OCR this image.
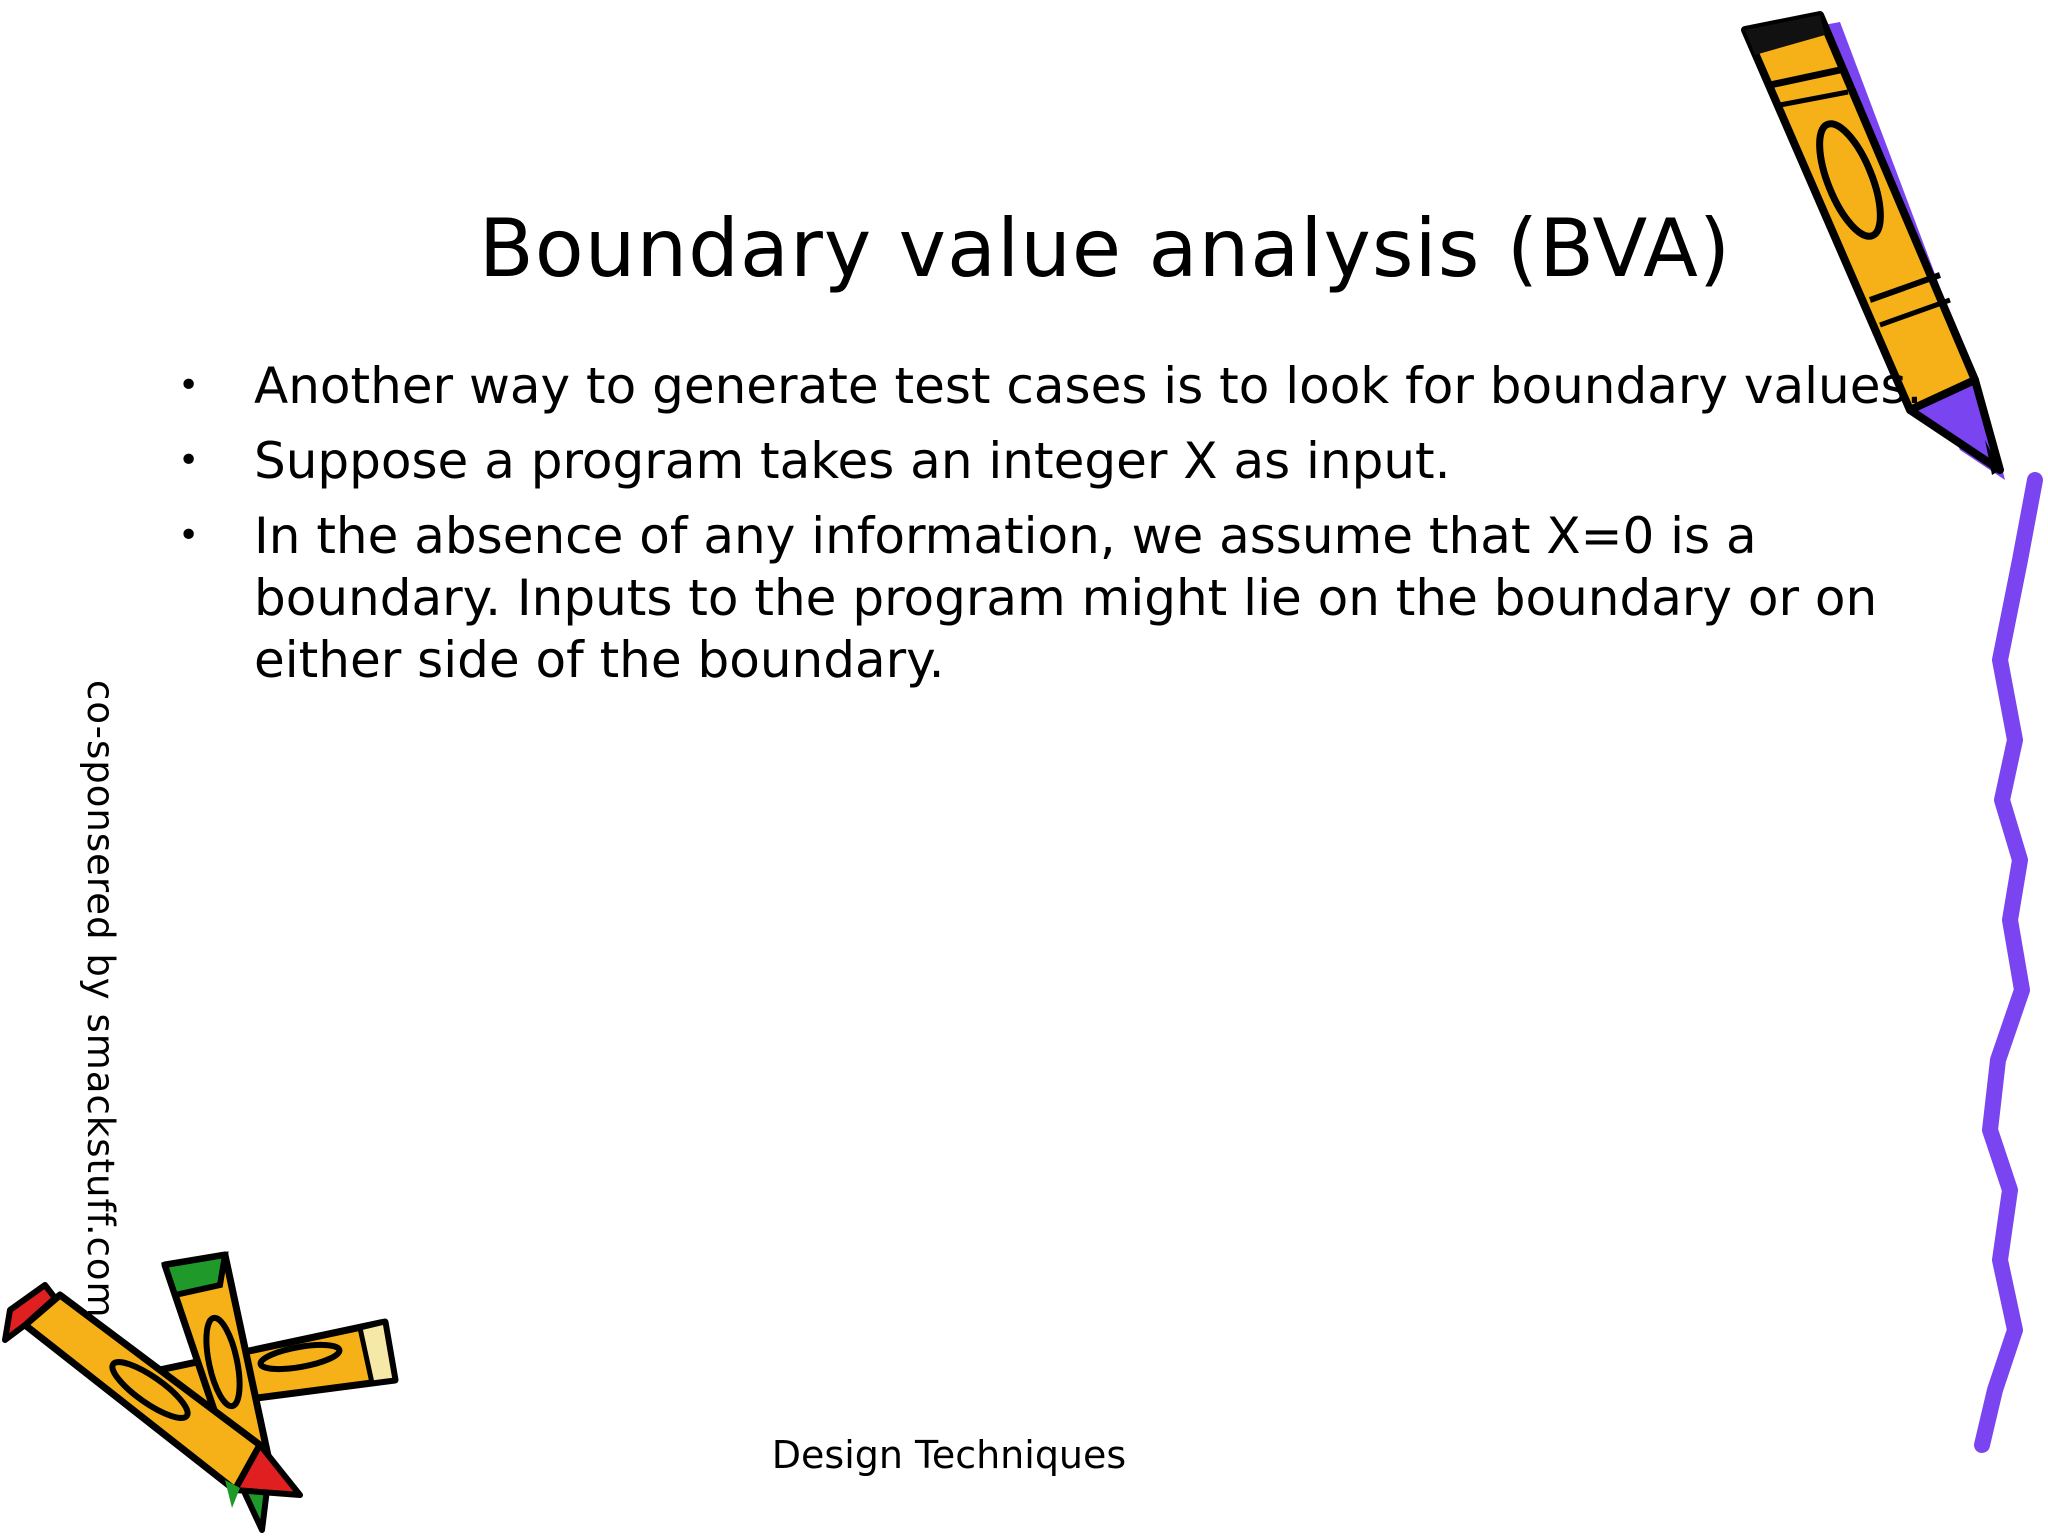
Boundary value analysis (BVA)
• Another way to generate test cases is to look for boundary values.
• Suppose a program takes an integer X as input.
• In the absence of any information, we assume that X=0 is a boundary. Inputs to the program might lie on the boundary or on either side of the boundary.
co-sponsered by smackstuff.com
Design Techniques
